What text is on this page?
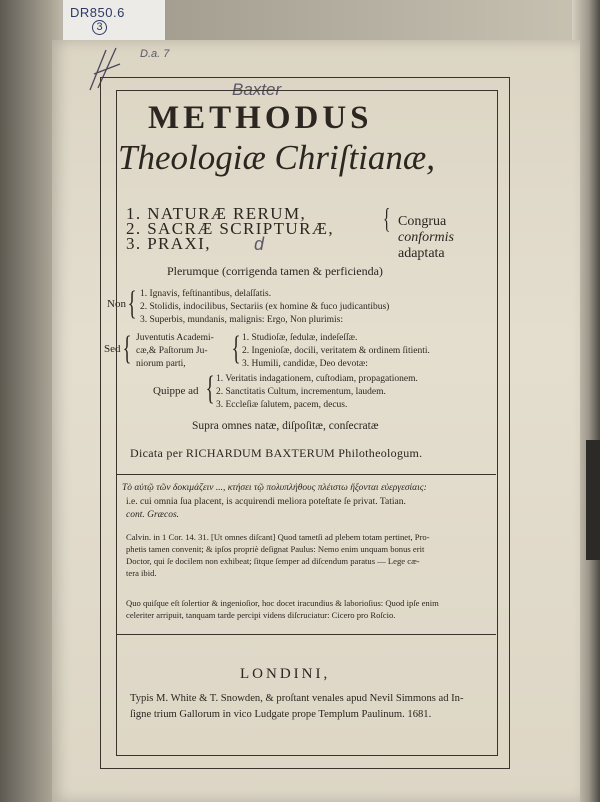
DR850.6
3
D.a. 7
Baxter
d
METHODUS
Theologiæ Chriſtianæ,
1. NATURÆ RERUM,
2. SACRÆ SCRIPTURÆ,
3. PRAXI,
{ Congrua
conformis
adaptata
Plerumque (corrigenda tamen & perficienda)
Non { 1. Ignavis, feſtinantibus, delaſſatis.
2. Stolidis, indocilibus, Sectariis (ex homine & fuco judicantibus)
3. Superbis, mundanis, malignis: Ergo, Non plurimis:
Sed { Juventutis Academi-
cæ,& Paſtorum Ju-
niorum parti, { 1. Studioſæ, ſedulæ, indeſeſſæ.
2. Ingenioſæ, docili, veritatem & ordinem ſitienti.
3. Humili, candidæ, Deo devotæ:
Quippe ad { 1. Veritatis indagationem, cuſtodiam, propagationem.
2. Sanctitatis Cultum, incrementum, laudem.
3. Eccleſiæ ſalutem, pacem, decus.
Supra omnes natæ, diſpoſitæ, conſecratæ
Dicata per RICHARDUM BAXTERUM Philotheologum.
Τὸ αὐτῷ τῶν δοκιμάζειν ..., κτήσει τῷ πολυπλήθους πλέιστω ἥξονται εὐεργεσίαις:
i.e. cui omnia ſua placent, is acquirendi meliora poteſtate ſe privat. Tatian.
cont. Græcos.
Calvin. in 1 Cor. 14. 31. [Ut omnes diſcant] Quod tametſi ad plebem totam pertinet, Pro-
phetis tamen convenit; & ipſos propriè deſignat Paulus: Nemo enim unquam bonus erit
Doctor, qui ſe docilem non exhibeat; ſitque ſemper ad diſcendum paratus — Lege cæ-
tera ibid.
Quo quiſque eſt ſolertior & ingenioſior, hoc docet iracundius & laborioſius: Quod ipſe enim
celeriter arripuit, tanquam tarde percipi videns diſcruciatur: Cicero pro Roſcio.
LONDINI,
Typis M. White & T. Snowden, & proſtant venales apud Nevil Simmons ad In-
ſigne trium Gallorum in vico Ludgate prope Templum Paulinum. 1681.
